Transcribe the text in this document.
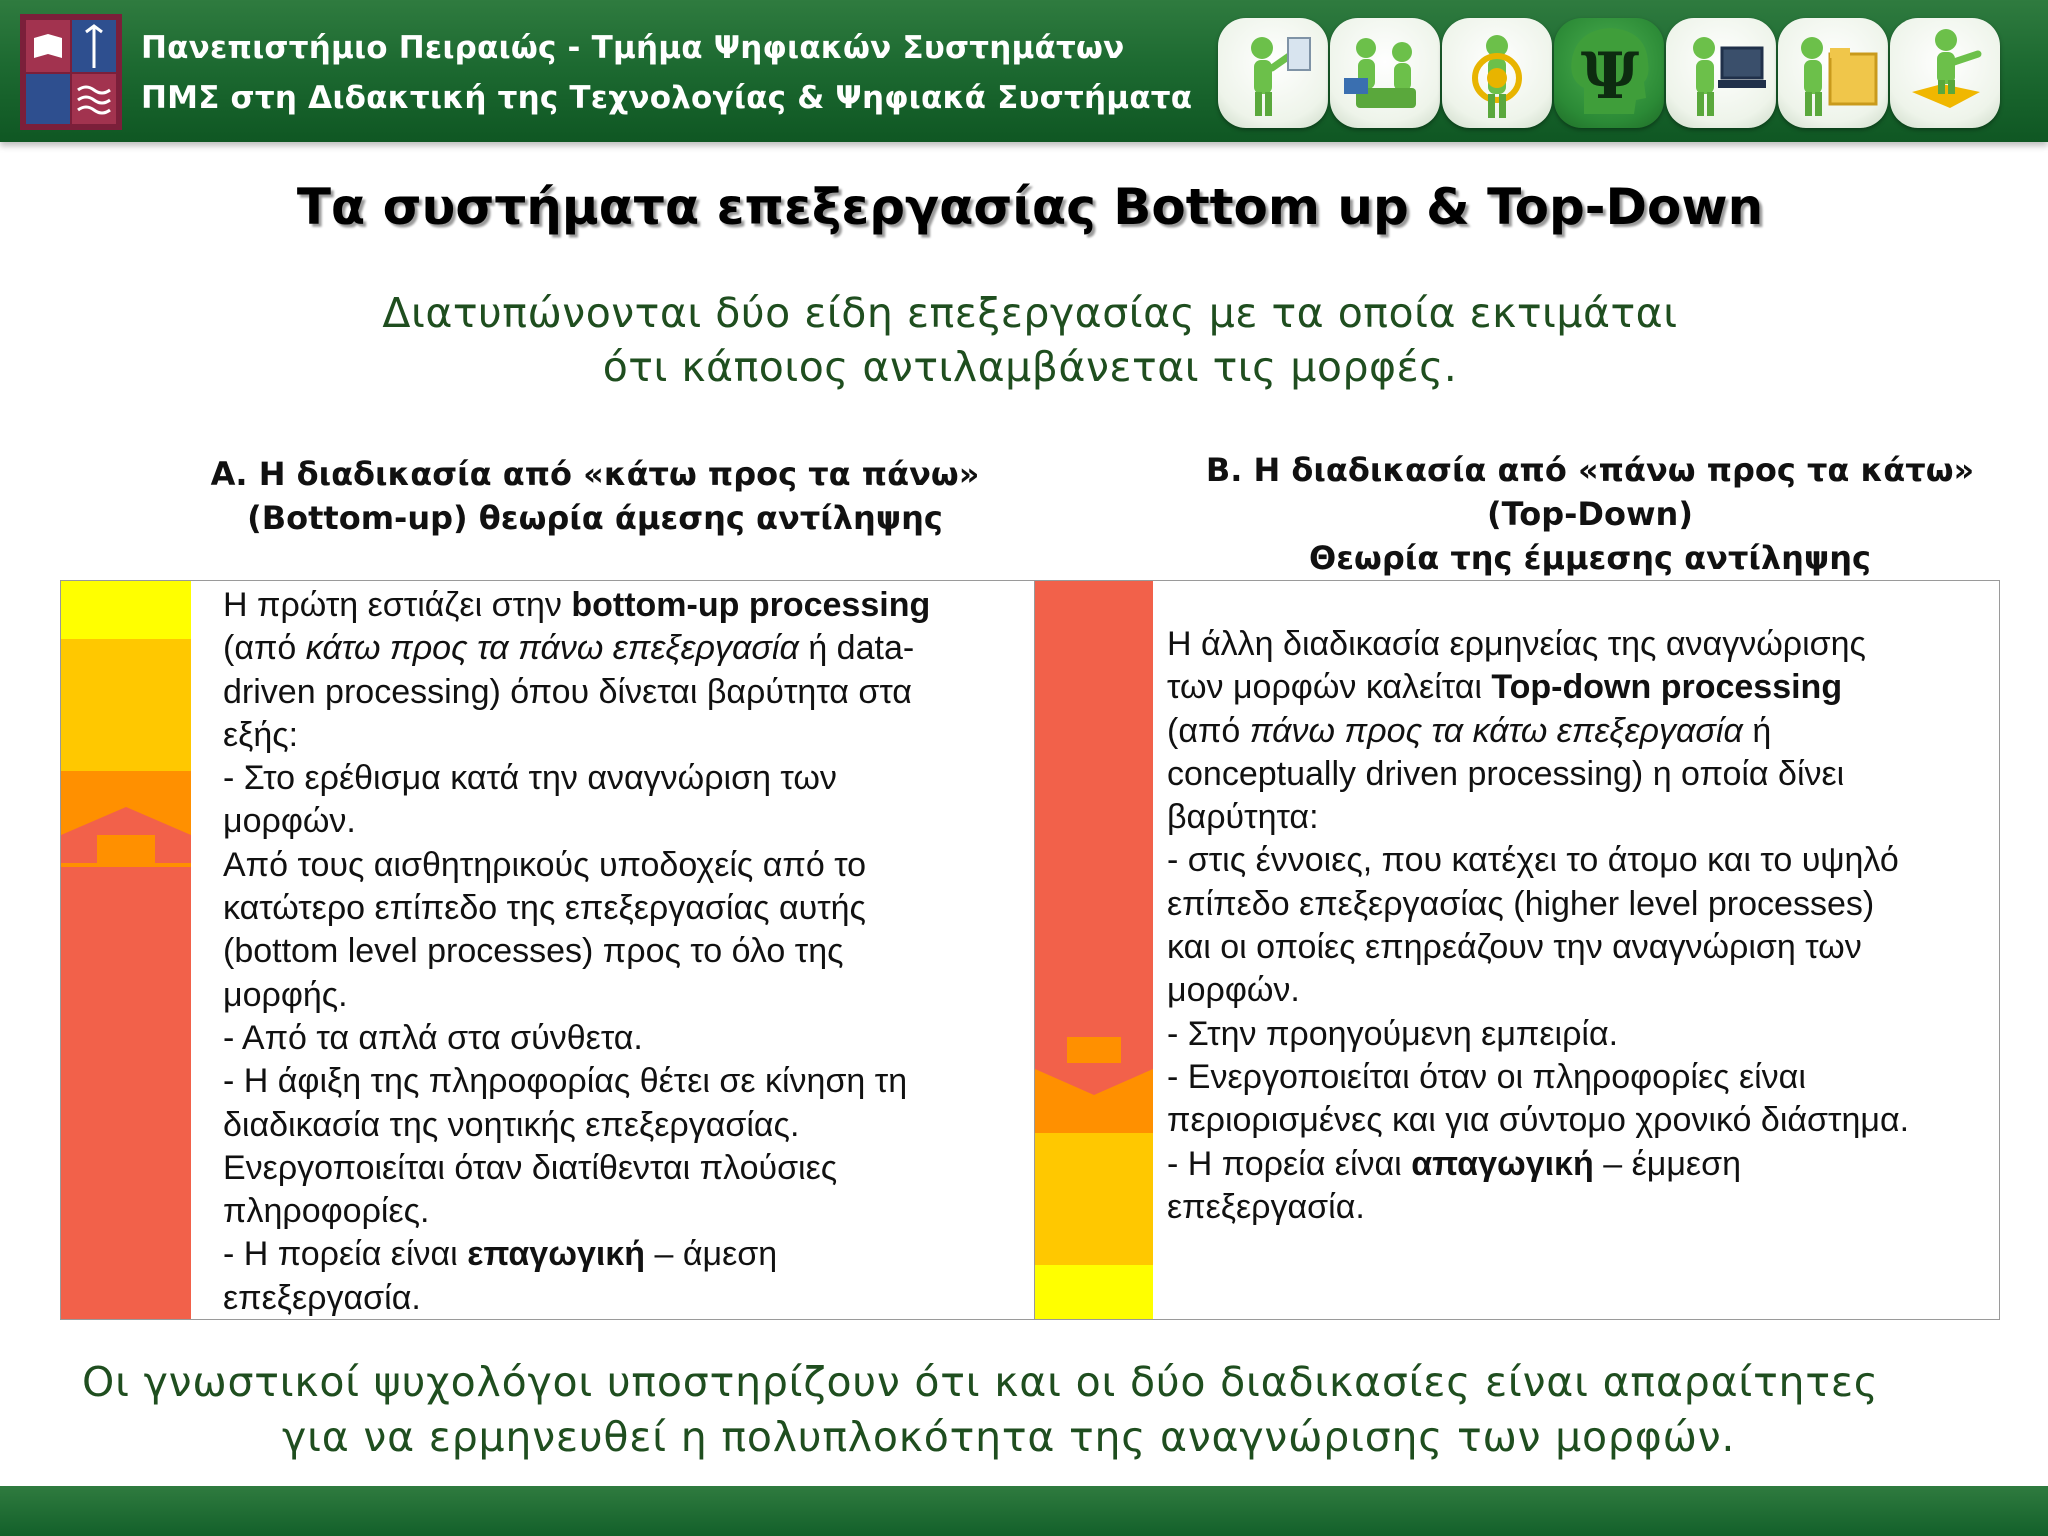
Πανεπιστήμιο Πειραιώς - Τμήμα Ψηφιακών Συστημάτων
ΠΜΣ στη Διδακτική της Τεχνολογίας & Ψηφιακά Συστήματα	Ψ
Τα συστήματα επεξεργασίας Bottom up & Top-Down
Διατυπώνονται δύο είδη επεξεργασίας με τα οποία εκτιμάται
ότι κάποιος αντιλαμβάνεται τις μορφές.
Α. Η διαδικασία από «κάτω προς τα πάνω»
(Bottom-up) θεωρία άμεσης αντίληψης
Β. Η διαδικασία από «πάνω προς τα κάτω»
(Top-Down)
Θεωρία της έμμεσης αντίληψης

Η πρώτη εστιάζει στην bottom-up processing

(από κάτω προς τα πάνω επεξεργασία ή data-

driven processing) όπου δίνεται βαρύτητα στα

εξής:

- Στο ερέθισμα κατά την αναγνώριση των

μορφών.

Από τους αισθητηρικούς υποδοχείς από το

κατώτερο επίπεδο της επεξεργασίας αυτής

(bottom level processes) προς το όλο της

μορφής.

- Από τα απλά στα σύνθετα.

- Η άφιξη της πληροφορίας θέτει σε κίνηση τη

διαδικασία της νοητικής επεξεργασίας.

Ενεργοποιείται όταν διατίθενται πλούσιες

πληροφορίες.

- Η πορεία είναι επαγωγική – άμεση

επεξεργασία.

Η άλλη διαδικασία ερμηνείας της αναγνώρισης

των μορφών καλείται Top-down processing

(από πάνω προς τα κάτω επεξεργασία ή

conceptually driven processing) η οποία δίνει

βαρύτητα:

- στις έννοιες, που κατέχει το άτομο και το υψηλό

επίπεδο επεξεργασίας (higher level processes)

και οι οποίες επηρεάζουν την αναγνώριση των

μορφών.

- Στην προηγούμενη εμπειρία.

- Ενεργοποιείται όταν οι πληροφορίες είναι

περιορισμένες και για σύντομο χρονικό διάστημα.

- Η πορεία είναι απαγωγική – έμμεση

επεξεργασία.

Οι γνωστικοί ψυχολόγοι υποστηρίζουν ότι και οι δύο διαδικασίες είναι απαραίτητες
για να ερμηνευθεί η πολυπλοκότητα της αναγνώρισης των μορφών.
